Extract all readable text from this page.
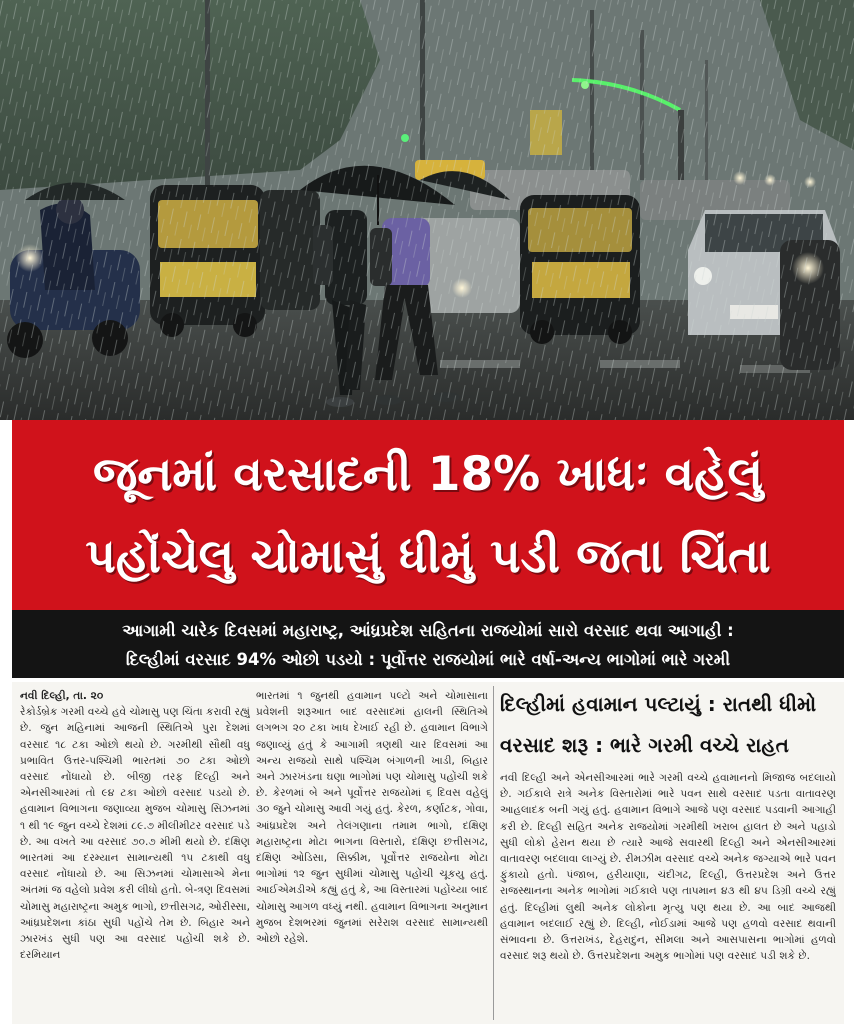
જૂનમાં વરસાદની 18% ખાધઃ વહેલું
પહોંચેલુ ચોમાસું ધીમું પડી જતા ચિંતા
આગામી ચારેક દિવસમાં મહારાષ્ટ્ર, આંધ્રપ્રદેશ સહિતના રાજયોમાં સારો વરસાદ થવા આગાહી :
દિલ્હીમાં વરસાદ 94% ઓછો પડયો : પૂર્વોત્તર રાજયોમાં ભારે વર્ષા-અન્ય ભાગોમાં ભારે ગરમી

નવી દિલ્હી, તા. ૨૦

રેકોર્ડબ્રેક ગરમી વચ્ચે હવે ચોમાસુ પણ ચિંતા કરાવી રહ્યું છે. જુન મહિનામાં આજની સ્થિતિએ પુરા દેશમાં વરસાદ ૧૮ ટકા ઓછો થયો છે. ગરમીથી સૌથી વધુ પ્રભાવિત ઉત્તર-પશ્ચિમી ભારતમાં ૭૦ ટકા ઓછો વરસાદ નોંધાયો છે. બીજી તરફ દિલ્હી અને એનસીઆરમાં તો ૯૪ ટકા ઓછો વરસાદ પડયો છે. હવામાન વિભાગના જણાવ્યા મુજબ ચોમાસુ સિઝનમાં ૧ થી ૧૯ જુન વચ્ચે દેશમાં ૮૯.૭ મીલીમીટર વરસાદ પડે છે. આ વખતે આ વરસાદ ૭૦.૭ મીમી થયો છે. દક્ષિણ ભારતમાં આ દરમ્યાન સામાન્યથી ૧૫ ટકાથી વધુ વરસાદ નોંધાયો છે. આ સિઝનમાં ચોમાસાએ મેના અંતમાં જ વહેલો પ્રવેશ કરી લીધો હતો. બે-ત્રણ દિવસમાં ચોમાસુ મહારાષ્ટ્રના અમુક ભાગો, છત્તીસગઢ, ઓરીસ્સા, આંધ્રપ્રદેશના કાંઠા સુધી પહોંચે તેમ છે. બિહાર અને ઝારખંડ સુધી પણ આ વરસાદ પહોંચી શકે છે. દરમિયાન

ભારતમાં ૧ જુનથી હવામાન પલ્ટો અને ચોમાસાના પ્રવેશની શરૂઆત બાદ વરસાદમાં હાલની સ્થિતિએ લગભગ ૨૦ ટકા ખાધ દેખાઈ રહી છે. હવામાન વિભાગે જણાવ્યું હતું કે આગામી ત્રણથી ચાર દિવસમાં આ અન્ય રાજયો સાથે પશ્ચિમ બંગાળની ખાડી, બિહાર અને ઝારખંડના ઘણા ભાગોમાં પણ ચોમાસુ પહોંચી શકે છે. કેરળમાં બે અને પૂર્વોત્તર રાજયોમાં ૬ દિવસ વહેલું ૩૦ જુને ચોમાસુ આવી ગયું હતું. કેરળ, કર્ણાટક, ગોવા, આંધ્રપ્રદેશ અને તેલંગણાના તમામ ભાગો, દક્ષિણ મહારાષ્ટ્રના મોટા ભાગના વિસ્તારો, દક્ષિણ છત્તીસગઢ, દક્ષિણ ઓડિસા, સિક્કીમ, પૂર્વોત્તર રાજયોના મોટા ભાગોમાં ૧૨ જુન સુધીમાં ચોમાસુ પહોંચી ચૂકયુ હતું. આઈએમડીએ કહ્યું હતું કે, આ વિસ્તારમાં પહોંચ્યા બાદ ચોમાસુ આગળ વધ્યું નથી. હવામાન વિભાગના અનુમાન મુજબ દેશભરમાં જુનમાં સરેરાશ વરસાદ સામાન્યથી ઓછો રહેશે.

દિલ્હીમાં હવામાન પલ્ટાયું : રાતથી ધીમો
વરસાદ શરૂ : ભારે ગરમી વચ્ચે રાહત

નવી દિલ્હી અને એનસીઆરમાં ભારે ગરમી વચ્ચે હવામાનનો મિજાજ બદલાયો છે. ગઈકાલે રાત્રે અનેક વિસ્તારોમાં ભારે પવન સાથે વરસાદ પડતા વાતાવરણ આહલાદક બની ગયું હતું. હવામાન વિભાગે આજે પણ વરસાદ પડવાની આગાહી કરી છે. દિલ્હી સહિત અનેક રાજયોમાં ગરમીથી ખરાબ હાલત છે અને પહાડો સુધી લોકો હેરાન થયા છે ત્યારે આજે સવારથી દિલ્હી અને એનસીઆરમાં વાતાવરણ બદલાવા લાગ્યું છે. રીમઝીમ વરસાદ વચ્ચે અનેક જગ્યાએ ભારે પવન ફુંકાયો હતો. પંજાબ, હરીયાણા, ચંદીગઢ, દિલ્હી, ઉત્તરપ્રદેશ અને ઉત્તર રાજસ્થાનના અનેક ભાગોમાં ગઈકાલે પણ તાપમાન ૪૩ થી ૪૫ ડિગ્રી વચ્ચે રહ્યું હતું. દિલ્હીમાં લુથી અનેક લોકોના મૃત્યુ પણ થયા છે. આ બાદ આજથી હવામાન બદલાઈ રહ્યું છે. દિલ્હી, નોઈડામાં આજે પણ હળવો વરસાદ થવાની સંભાવના છે. ઉત્તરાખંડ, દેહરાદુન, સીમલા અને આસપાસના ભાગોમાં હળવો વરસાદ શરૂ થયો છે. ઉત્તરપ્રદેશના અમુક ભાગોમાં પણ વરસાદ પડી શકે છે.
